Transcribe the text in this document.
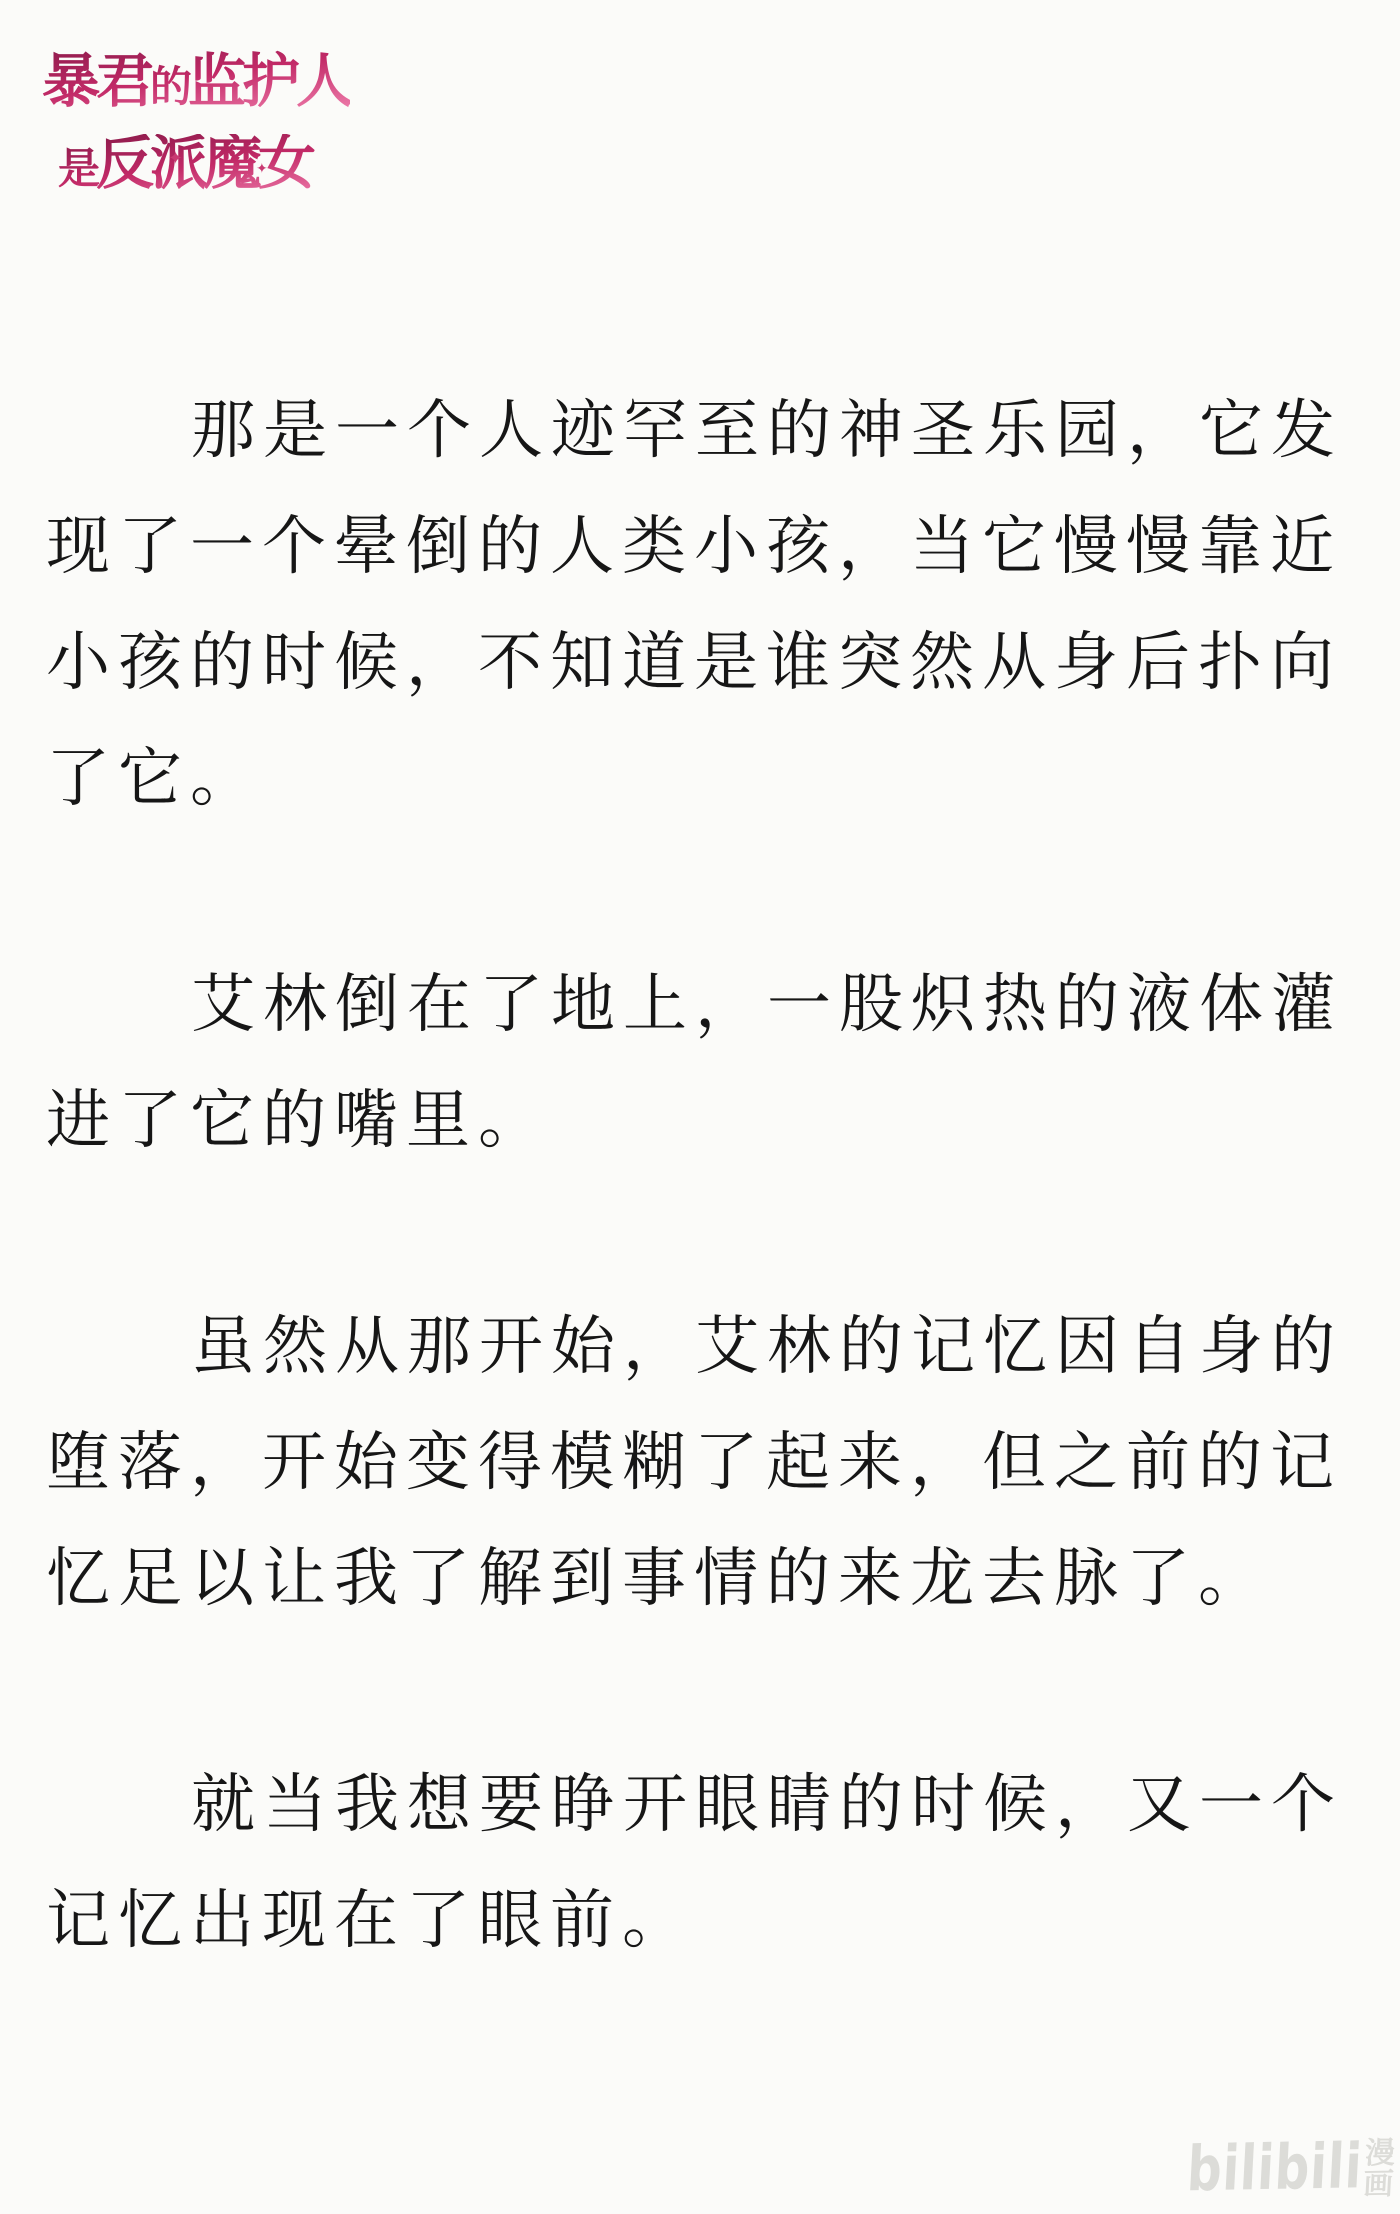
暴君的监护人
是反派魔女
✦	✦

那是一个人迹罕至的神圣乐园，它发现了一个晕倒的人类小孩，当它慢慢靠近小孩的时候，不知道是谁突然从身后扑向了它。

艾林倒在了地上，一股炽热的液体灌进了它的嘴里。

虽然从那开始，艾林的记忆因自身的堕落，开始变得模糊了起来，但之前的记忆足以让我了解到事情的来龙去脉了。

就当我想要睁开眼睛的时候，又一个记忆出现在了眼前。

bilibili 漫
画
